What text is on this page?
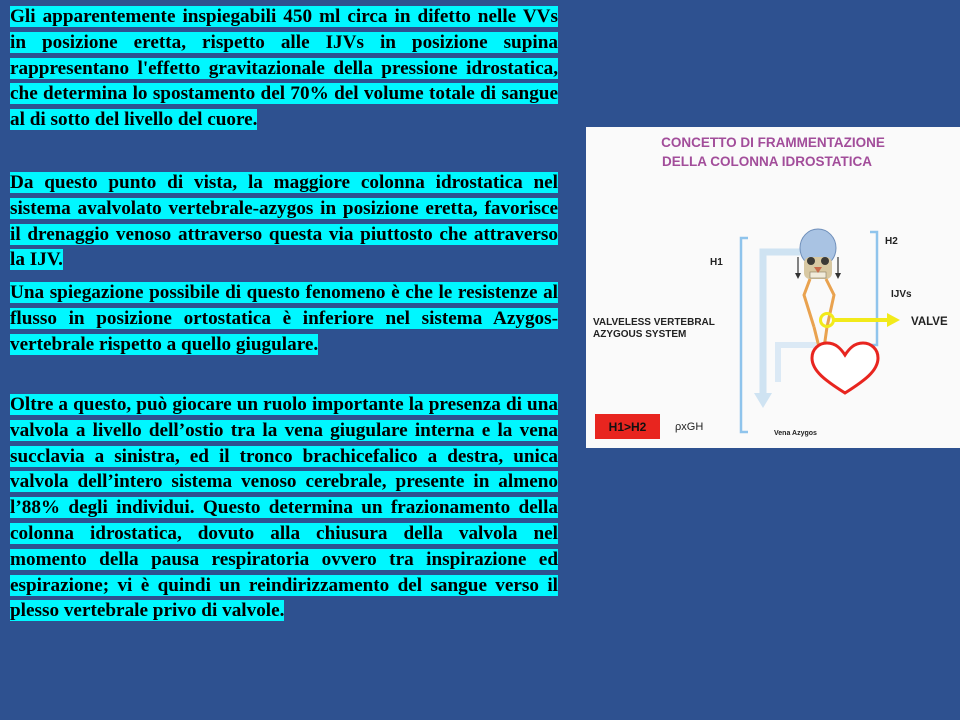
Gli apparentemente inspiegabili 450 ml circa in difetto nelle VVs in posizione eretta, rispetto alle IJVs in posizione supina rappresentano l'effetto gravitazionale della pressione idrostatica, che determina lo spostamento del 70% del volume totale di sangue al di sotto del livello del cuore.

Da questo punto di vista, la maggiore colonna idrostatica nel sistema avalvolato vertebrale-azygos in posizione eretta, favorisce il drenaggio venoso attraverso questa via piuttosto che attraverso la IJV.

Una spiegazione possibile di questo fenomeno è che le resistenze al flusso in posizione ortostatica è inferiore nel sistema Azygos-vertebrale rispetto a quello giugulare.

Oltre a questo, può giocare un ruolo importante la presenza di una valvola a livello dell’ostio tra la vena giugulare interna e la vena succlavia a sinistra, ed il tronco brachicefalico a destra, unica valvola dell’intero sistema venoso cerebrale, presente in almeno l’88% degli individui. Questo determina un frazionamento della colonna idrostatica, dovuto alla chiusura della valvola nel momento della pausa respiratoria ovvero tra inspirazione ed espirazione; vi è quindi un reindirizzamento del sangue verso il plesso vertebrale privo di valvole.

CONCETTO DI FRAMMENTAZIONE
DELLA COLONNA IDROSTATICA
H1
H2
IJVs
VALVE
VALVELESS VERTEBRAL
AZYGOUS SYSTEM
H1>H2	ρxGH
Vena Azygos
